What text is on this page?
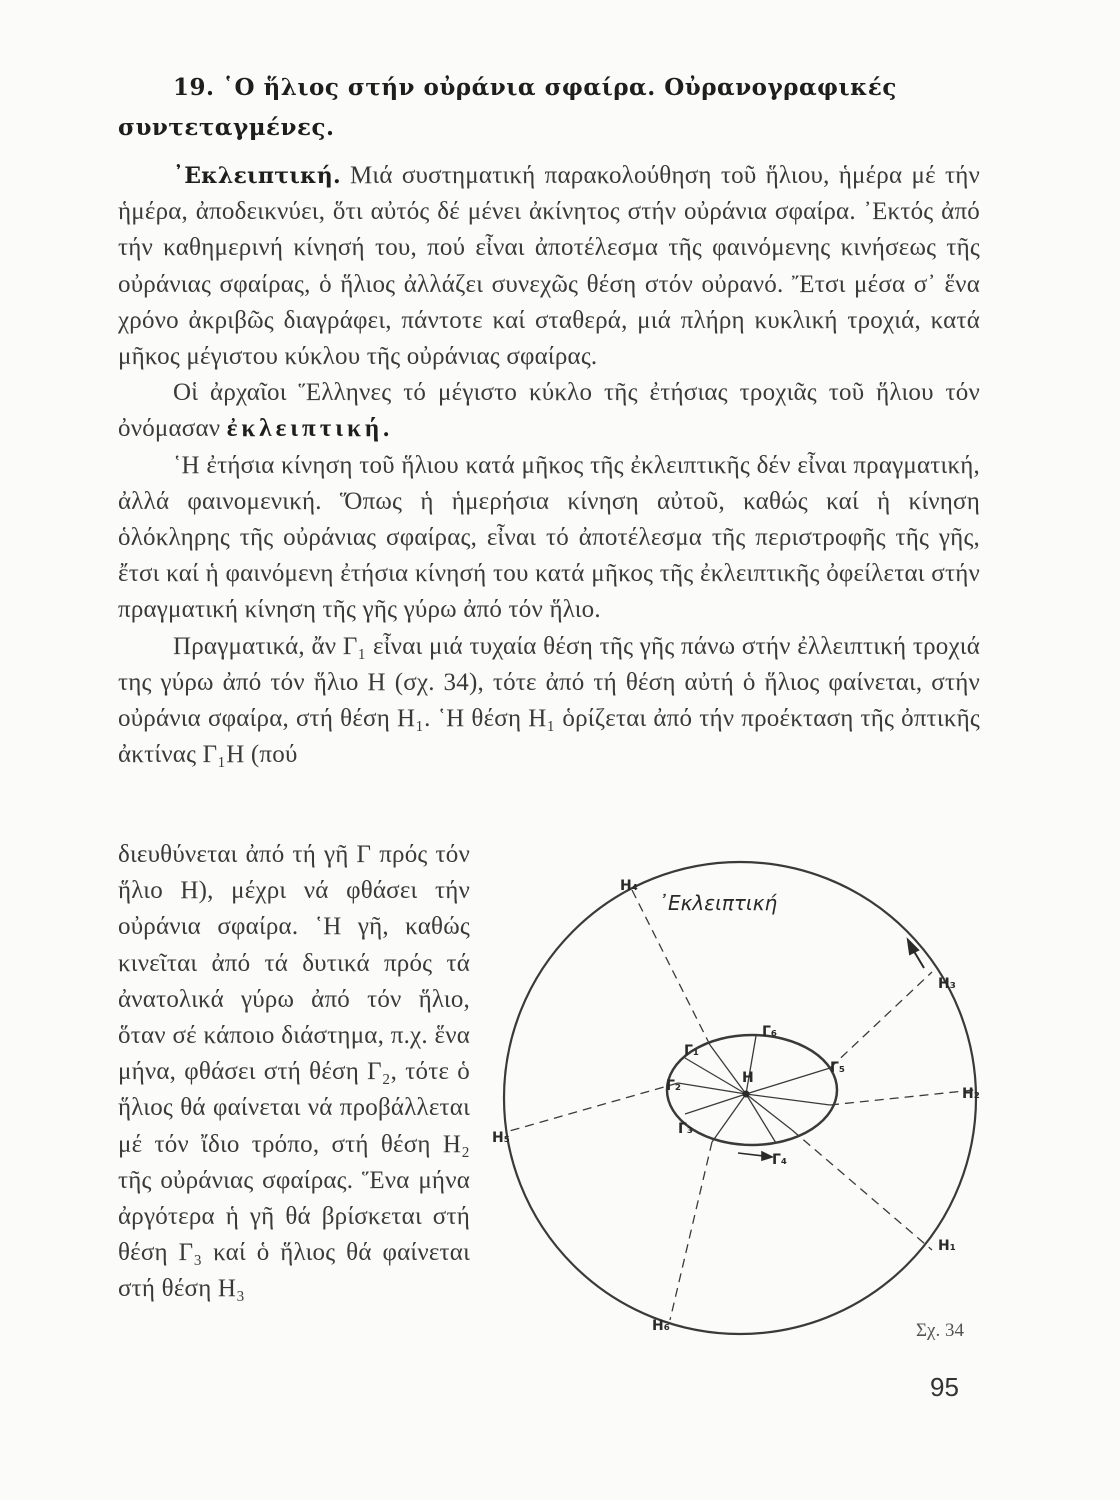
19. ῾Ο ἥλιος στήν οὐράνια σφαίρα. Οὐρανογραφικές συντεταγμένες.

᾿Εκλειπτική. Μιά συστηματική παρακολούθηση τοῦ ἥλιου, ἡμέρα μέ τήν ἡμέρα, ἀποδεικνύει, ὅτι αὐτός δέ μένει ἀκίνητος στήν οὐράνια σφαίρα. ᾿Εκτός ἀπό τήν καθημερινή κίνησή του, πού εἶναι ἀποτέλεσμα τῆς φαινόμενης κινήσεως τῆς οὐράνιας σφαίρας, ὁ ἥλιος ἀλλάζει συνεχῶς θέση στόν οὐρανό. Ἔτσι μέσα σ᾿ ἕνα χρόνο ἀκριβῶς διαγράφει, πάντοτε καί σταθερά, μιά πλήρη κυκλική τροχιά, κατά μῆκος μέγιστου κύκλου τῆς οὐράνιας σφαίρας.

Οἱ ἀρχαῖοι Ἕλληνες τό μέγιστο κύκλο τῆς ἐτήσιας τροχιᾶς τοῦ ἥλιου τόν ὀνόμασαν ἐκλειπτική.

῾Η ἐτήσια κίνηση τοῦ ἥλιου κατά μῆκος τῆς ἐκλειπτικῆς δέν εἶναι πραγματική, ἀλλά φαινομενική. Ὅπως ἡ ἡμερήσια κίνηση αὐτοῦ, καθώς καί ἡ κίνηση ὁλόκληρης τῆς οὐράνιας σφαίρας, εἶναι τό ἀποτέλεσμα τῆς περιστροφῆς τῆς γῆς, ἔτσι καί ἡ φαινόμενη ἐτήσια κίνησή του κατά μῆκος τῆς ἐκλειπτικῆς ὀφείλεται στήν πραγματική κίνηση τῆς γῆς γύρω ἀπό τόν ἥλιο.

Πραγματικά, ἄν Γ₁ εἶναι μιά τυχαία θέση τῆς γῆς πάνω στήν ἐλλειπτική τροχιά της γύρω ἀπό τόν ἥλιο Η (σχ. 34), τότε ἀπό τή θέση αὐτή ὁ ἥλιος φαίνεται, στήν οὐράνια σφαίρα, στή θέση Η₁. ῾Η θέση Η₁ ὁρίζεται ἀπό τήν προέκταση τῆς ὀπτικῆς ἀκτίνας Γ₁Η (πού

διευθύνεται ἀπό τή γῆ Γ πρός τόν ἥλιο Η), μέχρι νά φθάσει τήν οὐράνια σφαίρα. ῾Η γῆ, καθώς κινεῖται ἀπό τά δυτικά πρός τά ἀνατολικά γύρω ἀπό τόν ἥλιο, ὅταν σέ κάποιο διάστημα, π.χ. ἕνα μήνα, φθάσει στή θέση Γ₂, τότε ὁ ἥλιος θά φαίνεται νά προβάλλεται μέ τόν ἴδιο τρόπο, στή θέση Η₂ τῆς οὐράνιας σφαίρας. Ἕνα μήνα ἀργότερα ἡ γῆ θά βρίσκεται στή θέση Γ₃ καί ὁ ἥλιος θά φαίνεται στή θέση Η₃

᾿Εκλειπτική
Η
Η₁
Η₂
Η₃
Η₄
Η₅
Η₆
Γ₁
Γ₂
Γ₃
Γ₄
Γ₅
Γ₆
Σχ. 34
95
